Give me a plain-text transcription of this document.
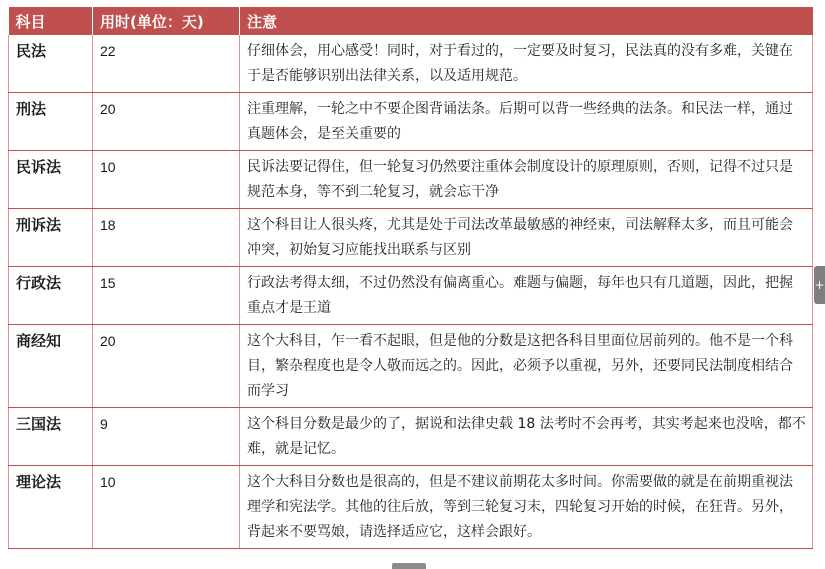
科目	用时(单位：天)	注意
民法	22	仔细体会，用心感受！同时，对于看过的，一定要及时复习，民法真的没有多难，关键在于是否能够识别出法律关系，以及适用规范。
刑法	20	注重理解，一轮之中不要企图背诵法条。后期可以背一些经典的法条。和民法一样，通过真题体会，是至关重要的
民诉法	10	民诉法要记得住，但一轮复习仍然要注重体会制度设计的原理原则，否则，记得不过只是规范本身，等不到二轮复习，就会忘干净
刑诉法	18	这个科目让人很头疼，尤其是处于司法改革最敏感的神经束，司法解释太多，而且可能会冲突，初始复习应能找出联系与区别
行政法	15	行政法考得太细，不过仍然没有偏离重心。难题与偏题，每年也只有几道题，因此，把握重点才是王道
商经知	20	这个大科目，乍一看不起眼，但是他的分数是这把各科目里面位居前列的。他不是一个科目，繁杂程度也是令人敬而远之的。因此，必须予以重视，另外，还要同民法制度相结合而学习
三国法	9	这个科目分数是最少的了，据说和法律史载 18 法考时不会再考，其实考起来也没啥，都不难，就是记忆。
理论法	10	这个大科目分数也是很高的，但是不建议前期花太多时间。你需要做的就是在前期重视法理学和宪法学。其他的往后放，等到三轮复习末，四轮复习开始的时候，在狂背。另外，背起来不要骂娘，请选择适应它，这样会跟好。
+
